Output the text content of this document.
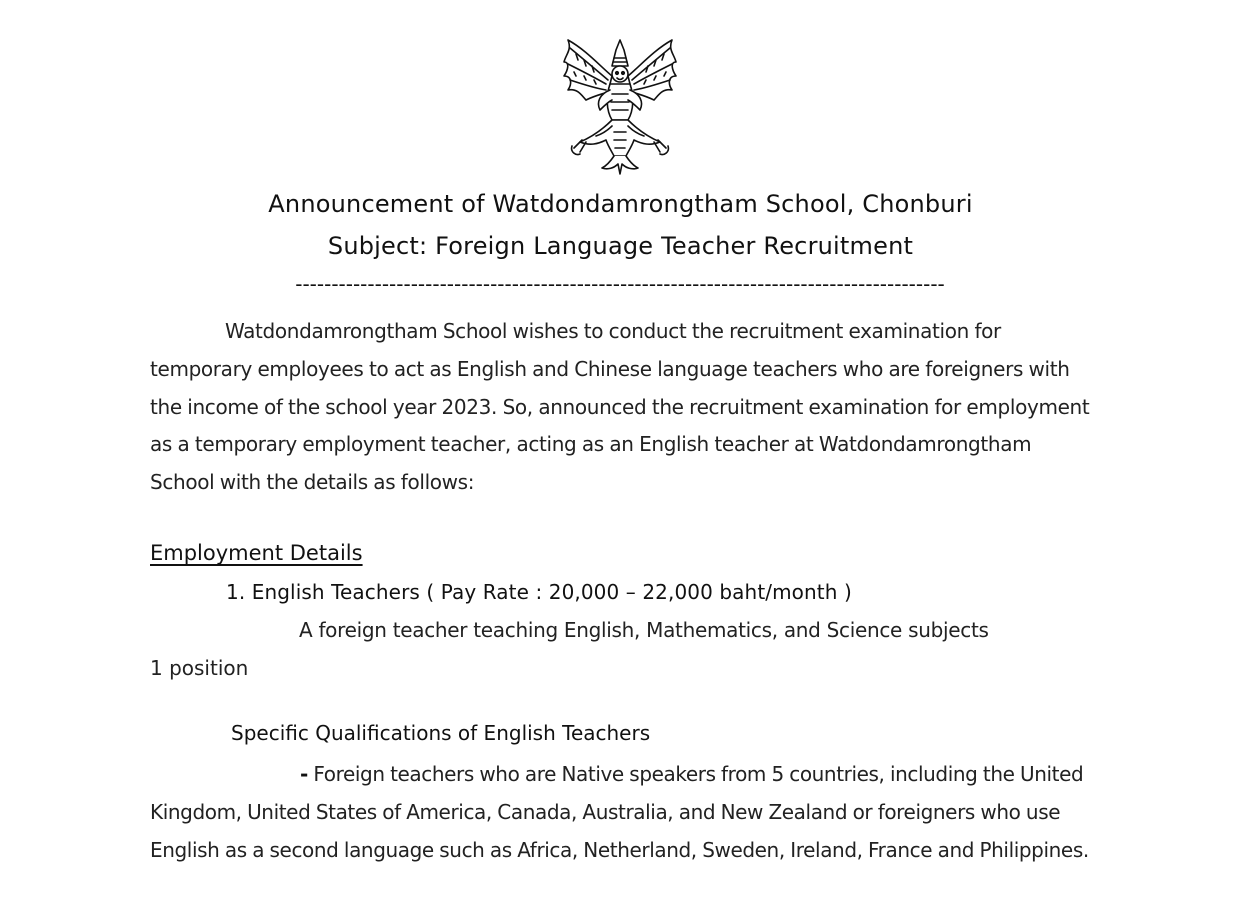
Announcement of Watdondamrongtham School, Chonburi
Subject: Foreign Language Teacher Recruitment
------------------------------------------------------------------------------------------

Watdondamrongtham School wishes to conduct the recruitment examination for temporary employees to act as English and Chinese language teachers who are foreigners with the income of the school year 2023. So, announced the recruitment examination for employment as a temporary employment teacher, acting as an English teacher at Watdondamrongtham School with the details as follows:

Employment Details
1. English Teachers ( Pay Rate : 20,000 – 22,000 baht/month )
A foreign teacher teaching English, Mathematics, and Science subjects
1 position
Specific Qualifications of English Teachers

- Foreign teachers who are Native speakers from 5 countries, including the United Kingdom, United States of America, Canada, Australia, and New Zealand or foreigners who use English as a second language such as Africa, Netherland, Sweden, Ireland, France and Philippines.
